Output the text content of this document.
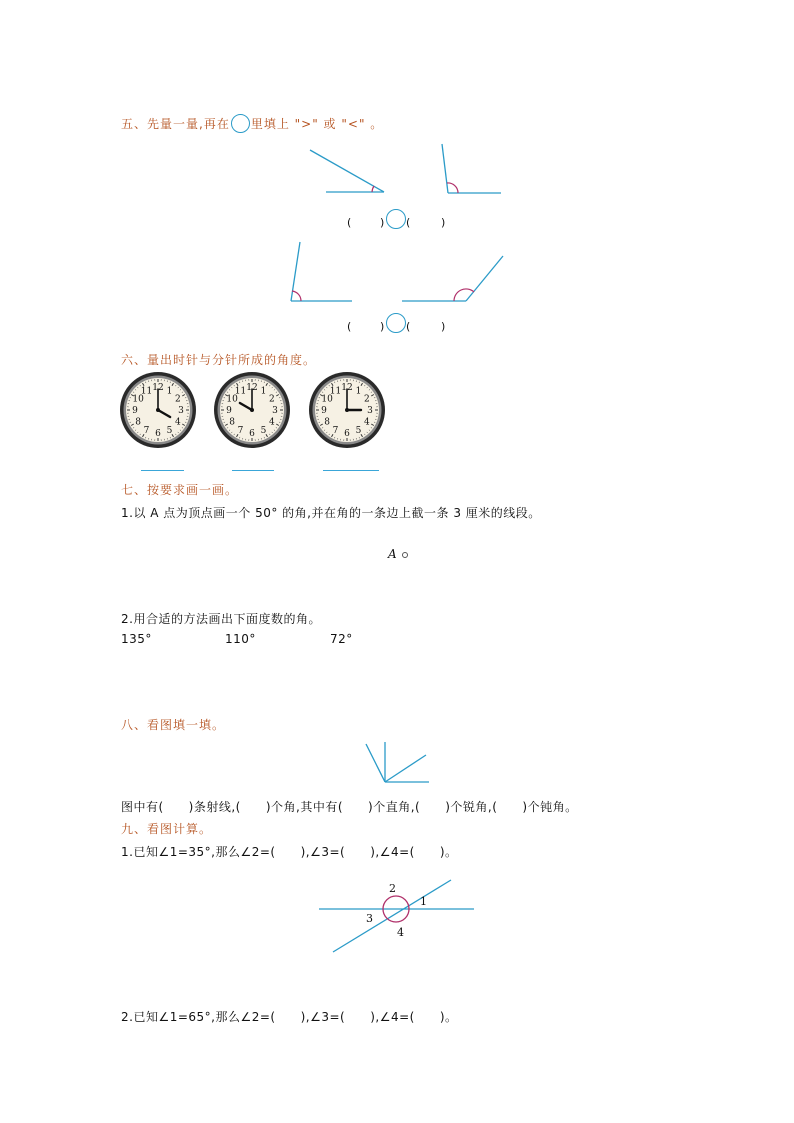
五、先量一量,再在 里填上 ">" 或 "<" 。
(	) (	)
(	) (	)
六、量出时针与分针所成的角度。
12 1
2
3
4
5
6
7
8
9
10
11	12 1
2
3
4
5
6
7
8
9
10
11	12 1
2
3
4
5
6
7
8
9
10
11
七、按要求画一画。
1.以 A 点为顶点画一个 50° 的角,并在角的一条边上截一条 3 厘米的线段。
A
2.用合适的方法画出下面度数的角。
135°	110°	72°
八、看图填一填。
图中有(　　)条射线,(　　)个角,其中有(　　)个直角,(　　)个锐角,(　　)个钝角。
九、看图计算。
1.已知∠1=35°,那么∠2=(　　),∠3=(　　),∠4=(　　)。
2
1
3
4
2.已知∠1=65°,那么∠2=(　　),∠3=(　　),∠4=(　　)。
